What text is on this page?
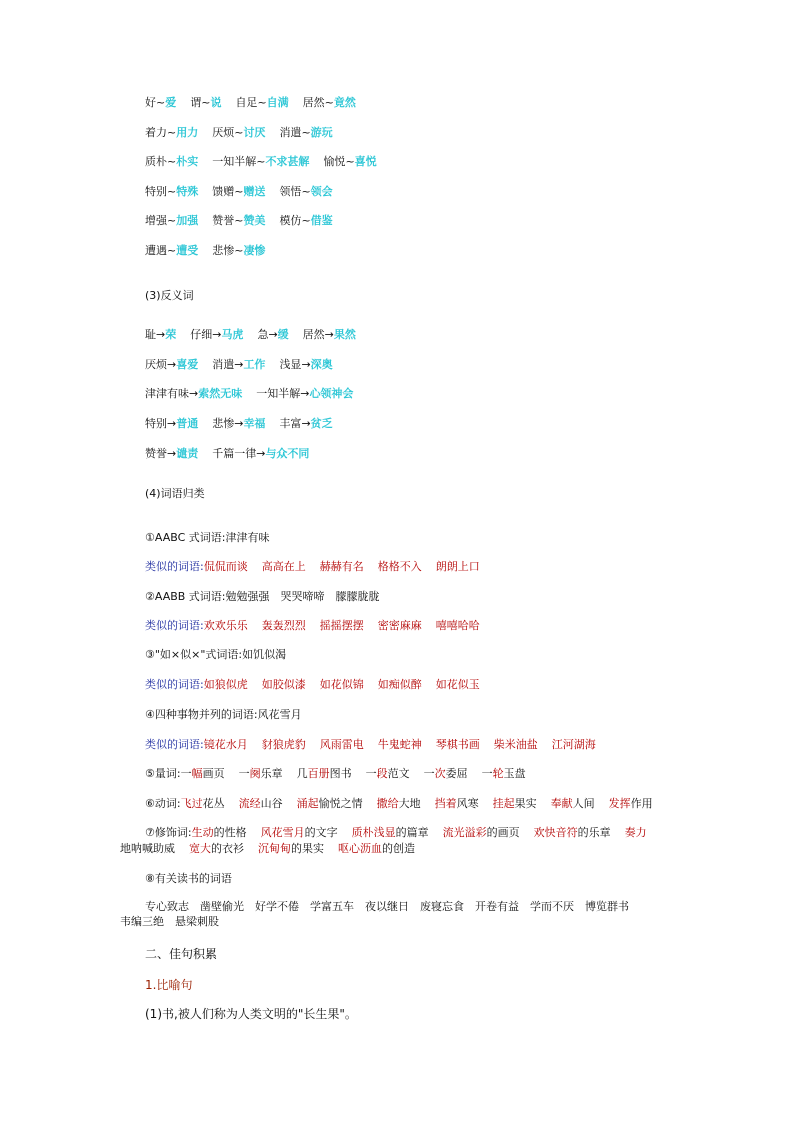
好~爱 谓~说 自足~自满 居然~竟然
着力~用力 厌烦~讨厌 消遣~游玩
质朴~朴实 一知半解~不求甚解 愉悦~喜悦
特别~特殊 馈赠~赠送 领悟~领会
增强~加强 赞誉~赞美 模仿~借鉴
遭遇~遭受 悲惨~凄惨
(3)反义词
耻→荣 仔细→马虎 急→缓 居然→果然
厌烦→喜爱 消遣→工作 浅显→深奥
津津有味→索然无味 一知半解→心领神会
特别→普通 悲惨→幸福 丰富→贫乏
赞誉→谴责 千篇一律→与众不同
(4)词语归类
①AABC 式词语:津津有味
类似的词语:侃侃而谈 高高在上 赫赫有名 格格不入 朗朗上口
②AABB 式词语:勉勉强强　哭哭啼啼　朦朦胧胧
类似的词语:欢欢乐乐 轰轰烈烈 摇摇摆摆 密密麻麻 嘻嘻哈哈
③"如×似×"式词语:如饥似渴
类似的词语:如狼似虎 如胶似漆 如花似锦 如痴似醉 如花似玉
④四种事物并列的词语:风花雪月
类似的词语:镜花水月 豺狼虎豹 风雨雷电 牛鬼蛇神 琴棋书画 柴米油盐 江河湖海
⑤量词:一幅画页 一阕乐章 几百册图书 一段范文 一次委屈 一轮玉盘
⑥动词:飞过花丛 流经山谷 涌起愉悦之情 撒给大地 挡着风寒 挂起果实 奉献人间 发挥作用
⑦修饰词:生动的性格 风花雪月的文字 质朴浅显的篇章 流光溢彩的画页 欢快音符的乐章 奏力
地呐喊助威 宽大的衣衫 沉甸甸的果实 呕心沥血的创造
⑧有关读书的词语
专心致志　凿壁偷光　好学不倦　学富五车　夜以继日　废寝忘食　开卷有益　学而不厌　博览群书
韦编三绝　悬梁刺股
二、佳句积累
1.比喻句
(1)书,被人们称为人类文明的"长生果"。
